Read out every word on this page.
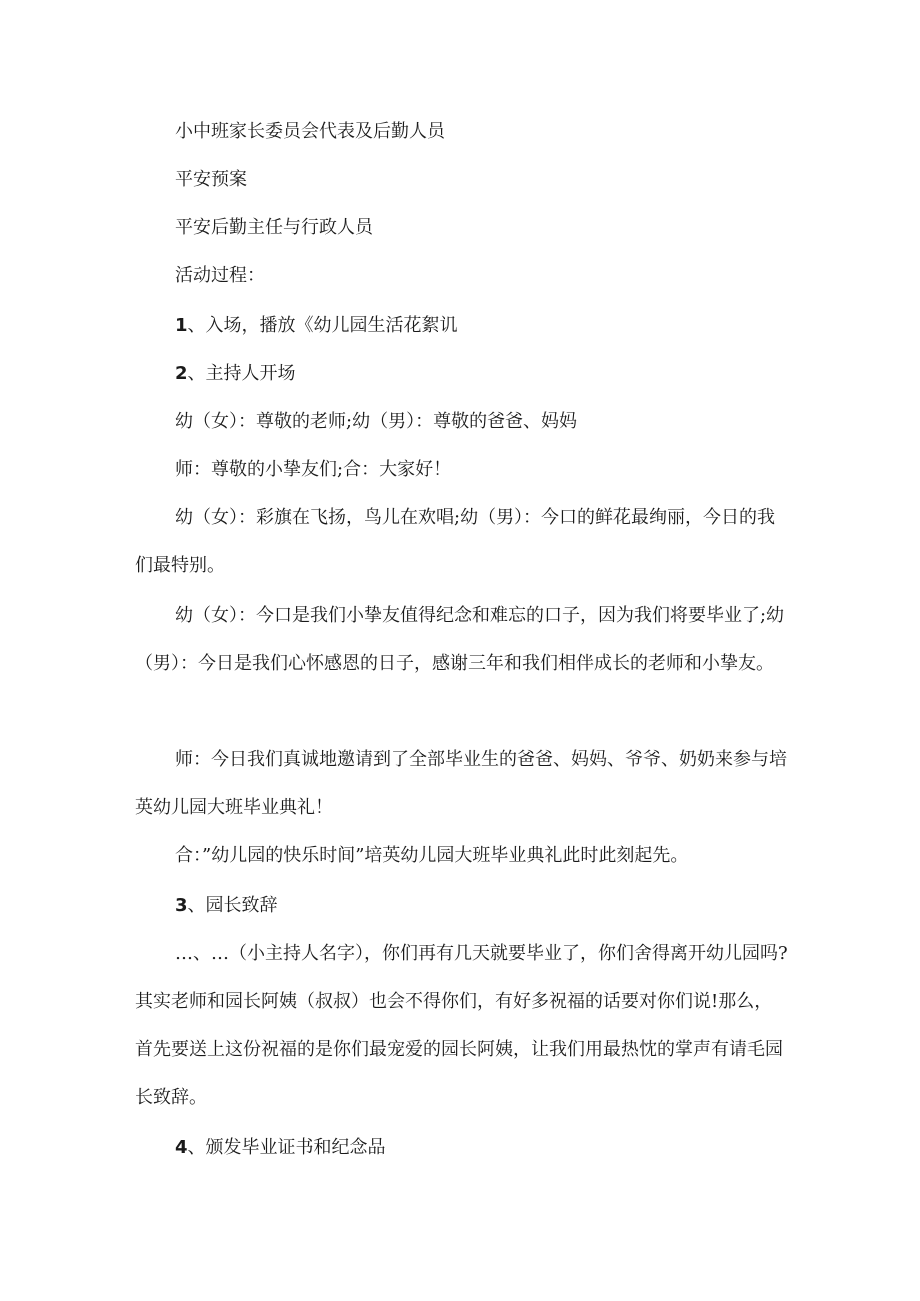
小中班家长委员会代表及后勤人员

平安预案

平安后勤主任与行政人员

活动过程：

1、入场，播放《幼儿园生活花絮讥

2、主持人开场

幼（女）：尊敬的老师;幼（男）：尊敬的爸爸、妈妈

师：尊敬的小挚友们;合：大家好！

幼（女）：彩旗在飞扬，鸟儿在欢唱;幼（男）：今口的鲜花最绚丽，今日的我们最特别。

幼（女）：今口是我们小挚友值得纪念和难忘的口子，因为我们将要毕业了;幼（男）：今日是我们心怀感恩的日子，感谢三年和我们相伴成长的老师和小挚友。

师：今日我们真诚地邀请到了全部毕业生的爸爸、妈妈、爷爷、奶奶来参与培英幼儿园大班毕业典礼！

合：”幼儿园的快乐时间”培英幼儿园大班毕业典礼此时此刻起先。

3、园长致辞

…、…（小主持人名字），你们再有几天就要毕业了，你们舍得离开幼儿园吗?其实老师和园长阿姨（叔叔）也会不得你们，有好多祝福的话要对你们说!那么，首先要送上这份祝福的是你们最宠爱的园长阿姨，让我们用最热忱的掌声有请毛园长致辞。

4、颁发毕业证书和纪念品
